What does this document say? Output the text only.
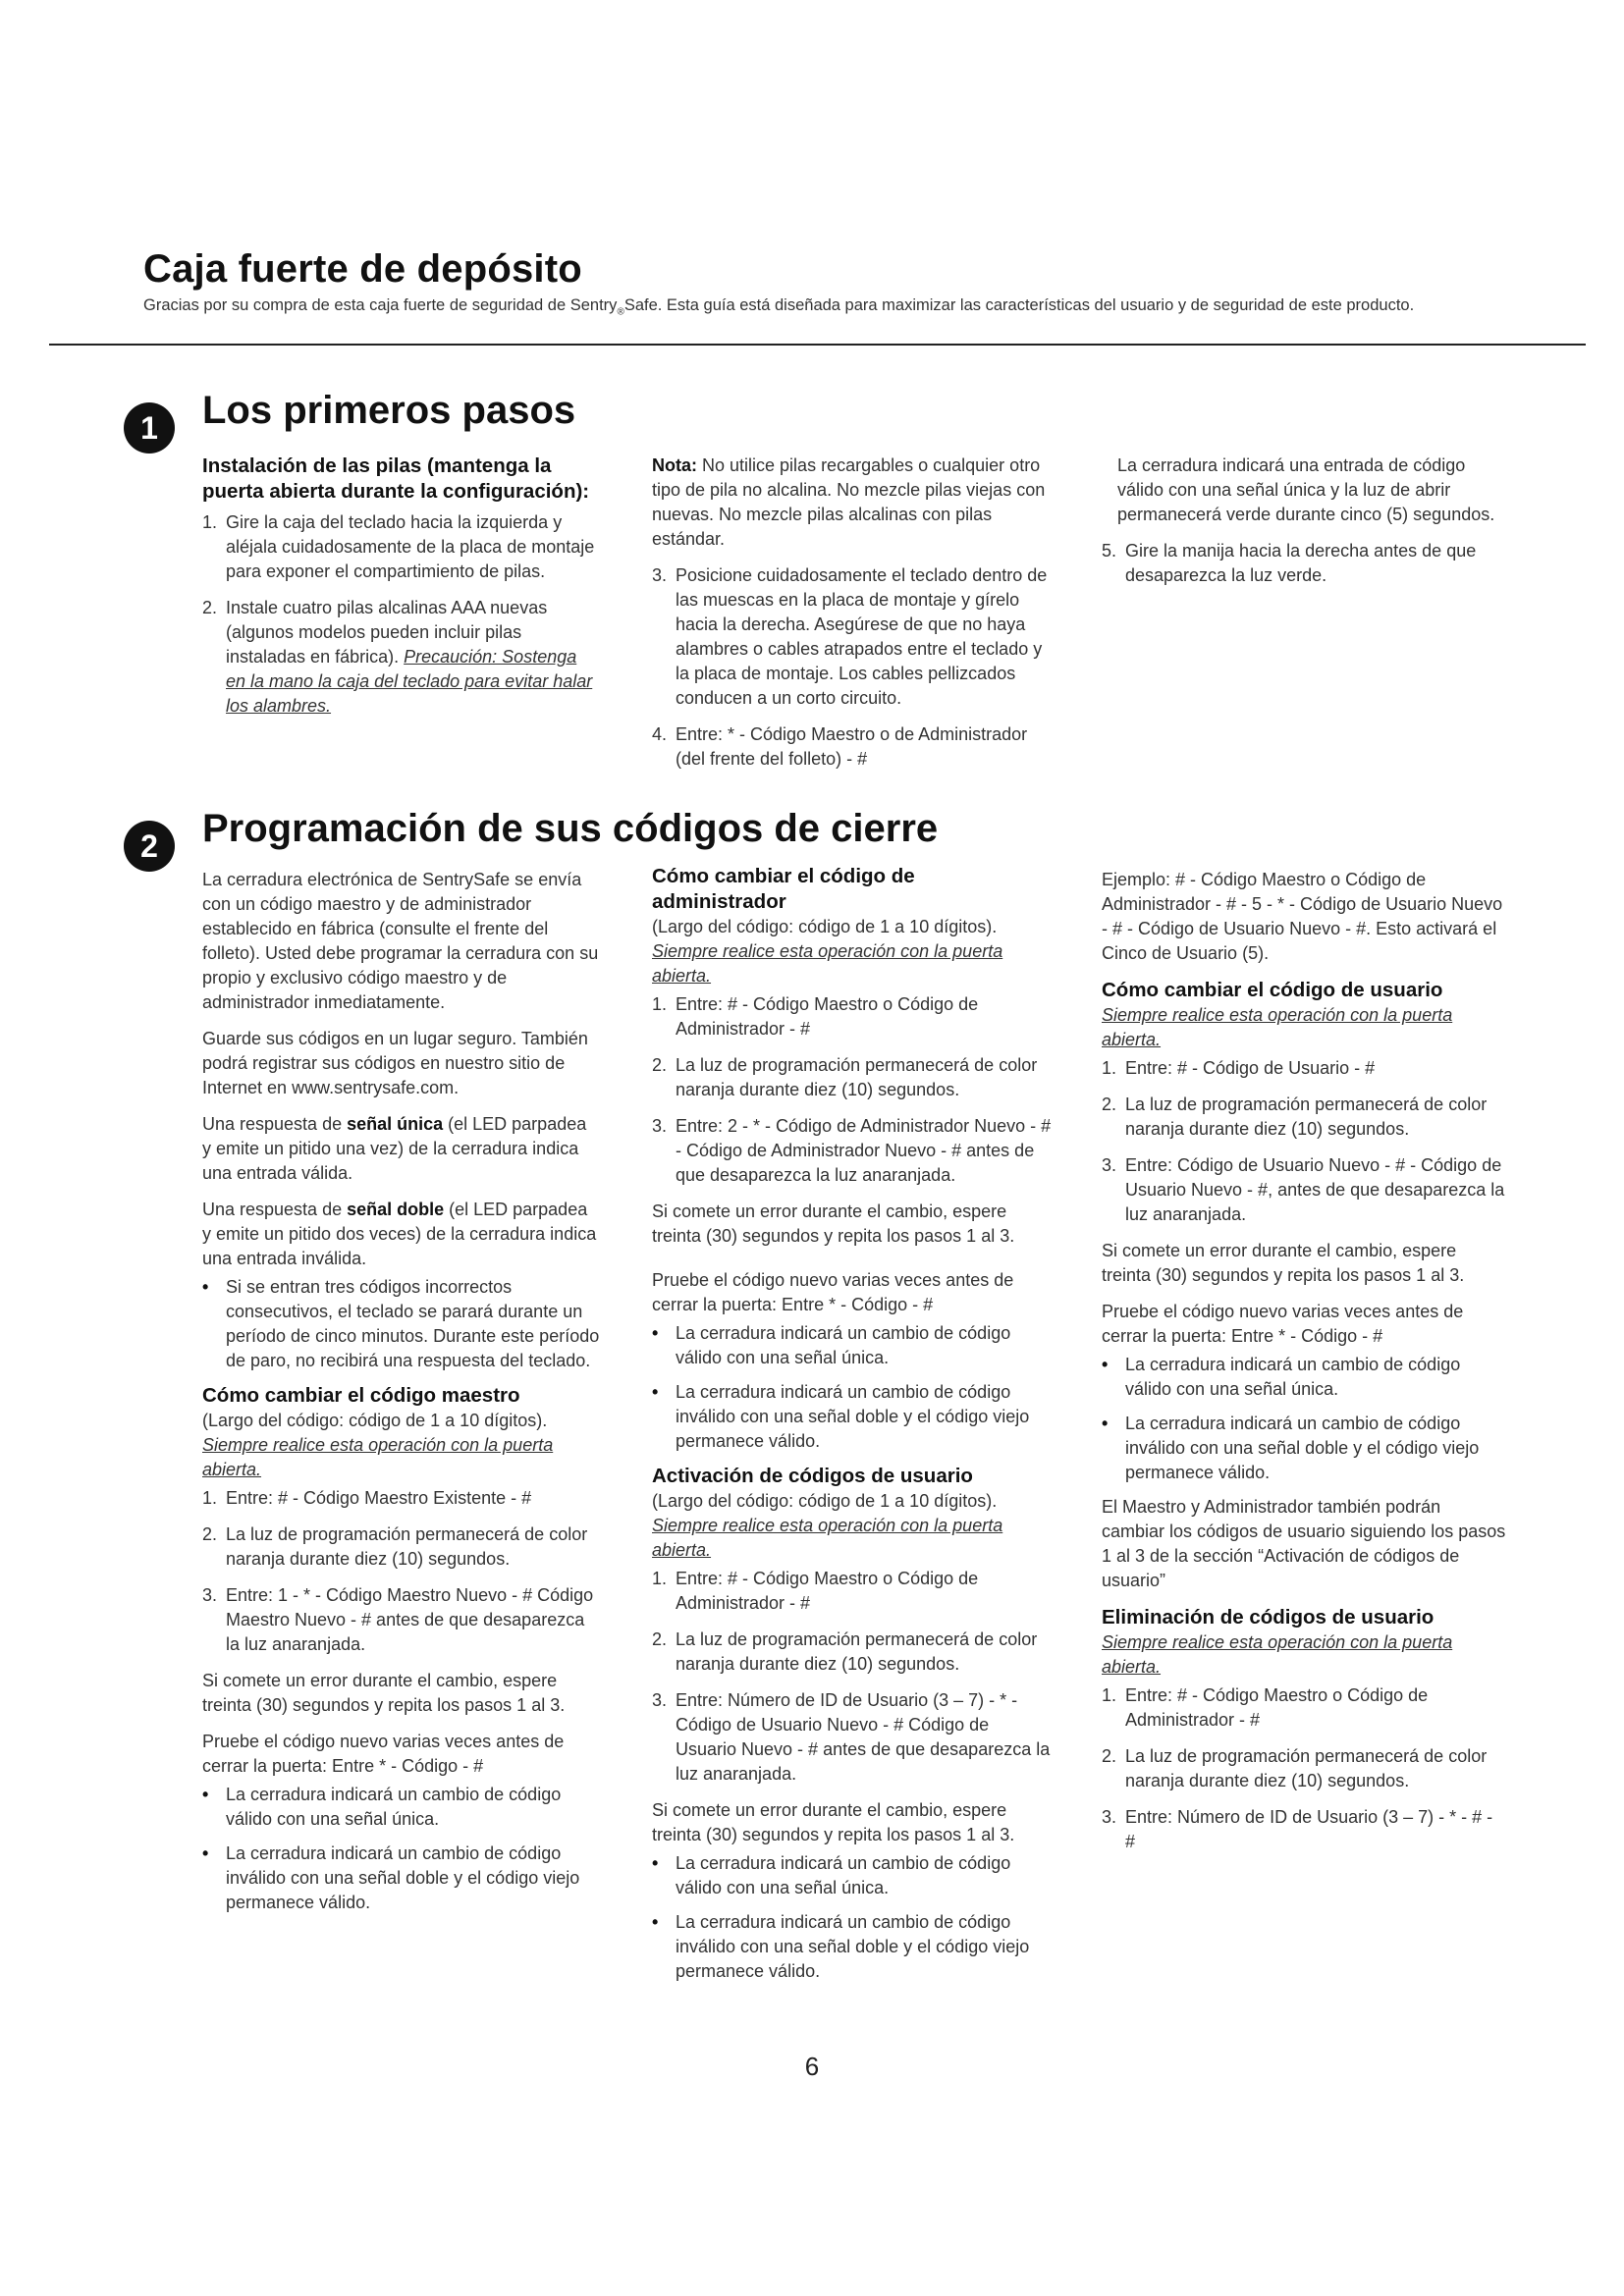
Caja fuerte de depósito
Gracias por su compra de esta caja fuerte de seguridad de Sentry$_®$Safe. Esta guía está diseñada para maximizar las características del usuario y de seguridad de este producto.
1 Los primeros pasos
Instalación de las pilas (mantenga la puerta abierta durante la configuración):
1. Gire la caja del teclado hacia la izquierda y aléjala cuidadosamente de la placa de montaje para exponer el compartimiento de pilas.
2. Instale cuatro pilas alcalinas AAA nuevas (algunos modelos pueden incluir pilas instaladas en fábrica). Precaución: Sostenga en la mano la caja del teclado para evitar halar los alambres.

Nota: No utilice pilas recargables o cualquier otro tipo de pila no alcalina. No mezcle pilas viejas con nuevas. No mezcle pilas alcalinas con pilas estándar.

3. Posicione cuidadosamente el teclado dentro de las muescas en la placa de montaje y gírelo hacia la derecha. Asegúrese de que no haya alambres o cables atrapados entre el teclado y la placa de montaje. Los cables pellizcados conducen a un corto circuito.
4. Entre: * - Código Maestro o de Administrador (del frente del folleto) - #

La cerradura indicará una entrada de código válido con una señal única y la luz de abrir permanecerá verde durante cinco (5) segundos.

5. Gire la manija hacia la derecha antes de que desaparezca la luz verde.
2 Programación de sus códigos de cierre

La cerradura electrónica de SentrySafe se envía con un código maestro y de administrador establecido en fábrica (consulte el frente del folleto). Usted debe programar la cerradura con su propio y exclusivo código maestro y de administrador inmediatamente.

Guarde sus códigos en un lugar seguro. También podrá registrar sus códigos en nuestro sitio de Internet en www.sentrysafe.com.

Una respuesta de señal única (el LED parpadea y emite un pitido una vez) de la cerradura indica una entrada válida.

Una respuesta de señal doble (el LED parpadea y emite un pitido dos veces) de la cerradura indica una entrada inválida.

• Si se entran tres códigos incorrectos consecutivos, el teclado se parará durante un período de cinco minutos. Durante este período de paro, no recibirá una respuesta del teclado.
Cómo cambiar el código maestro

(Largo del código: código de 1 a 10 dígitos). Siempre realice esta operación con la puerta abierta.

1. Entre: # - Código Maestro Existente - #
2. La luz de programación permanecerá de color naranja durante diez (10) segundos.
3. Entre: 1 - * - Código Maestro Nuevo - # Código Maestro Nuevo - # antes de que desaparezca la luz anaranjada.

Si comete un error durante el cambio, espere treinta (30) segundos y repita los pasos 1 al 3.

Pruebe el código nuevo varias veces antes de cerrar la puerta: Entre * - Código - #

• La cerradura indicará un cambio de código válido con una señal única.
• La cerradura indicará un cambio de código inválido con una señal doble y el código viejo permanece válido.
Cómo cambiar el código de administrador

(Largo del código: código de 1 a 10 dígitos). Siempre realice esta operación con la puerta abierta.

1. Entre: # - Código Maestro o Código de Administrador - #
2. La luz de programación permanecerá de color naranja durante diez (10) segundos.
3. Entre: 2 - * - Código de Administrador Nuevo - # - Código de Administrador Nuevo - # antes de que desaparezca la luz anaranjada.

Si comete un error durante el cambio, espere treinta (30) segundos y repita los pasos 1 al 3.

Pruebe el código nuevo varias veces antes de cerrar la puerta: Entre * - Código - #

• La cerradura indicará un cambio de código válido con una señal única.
• La cerradura indicará un cambio de código inválido con una señal doble y el código viejo permanece válido.
Activación de códigos de usuario

(Largo del código: código de 1 a 10 dígitos). Siempre realice esta operación con la puerta abierta.

1. Entre: # - Código Maestro o Código de Administrador - #
2. La luz de programación permanecerá de color naranja durante diez (10) segundos.
3. Entre: Número de ID de Usuario (3 – 7) - * - Código de Usuario Nuevo - # Código de Usuario Nuevo - # antes de que desaparezca la luz anaranjada.

Si comete un error durante el cambio, espere treinta (30) segundos y repita los pasos 1 al 3.

• La cerradura indicará un cambio de código válido con una señal única.
• La cerradura indicará un cambio de código inválido con una señal doble y el código viejo permanece válido.

Ejemplo: # - Código Maestro o Código de Administrador - # - 5 - * - Código de Usuario Nuevo - # - Código de Usuario Nuevo - #. Esto activará el Cinco de Usuario (5).

Cómo cambiar el código de usuario

Siempre realice esta operación con la puerta abierta.

1. Entre: # - Código de Usuario - #
2. La luz de programación permanecerá de color naranja durante diez (10) segundos.
3. Entre: Código de Usuario Nuevo - # - Código de Usuario Nuevo - #, antes de que desaparezca la luz anaranjada.

Si comete un error durante el cambio, espere treinta (30) segundos y repita los pasos 1 al 3.

Pruebe el código nuevo varias veces antes de cerrar la puerta: Entre * - Código - #

• La cerradura indicará un cambio de código válido con una señal única.
• La cerradura indicará un cambio de código inválido con una señal doble y el código viejo permanece válido.

El Maestro y Administrador también podrán cambiar los códigos de usuario siguiendo los pasos 1 al 3 de la sección “Activación de códigos de usuario”

Eliminación de códigos de usuario

Siempre realice esta operación con la puerta abierta.

1. Entre: # - Código Maestro o Código de Administrador - #
2. La luz de programación permanecerá de color naranja durante diez (10) segundos.
3. Entre: Número de ID de Usuario (3 – 7) - * - # - #
6
